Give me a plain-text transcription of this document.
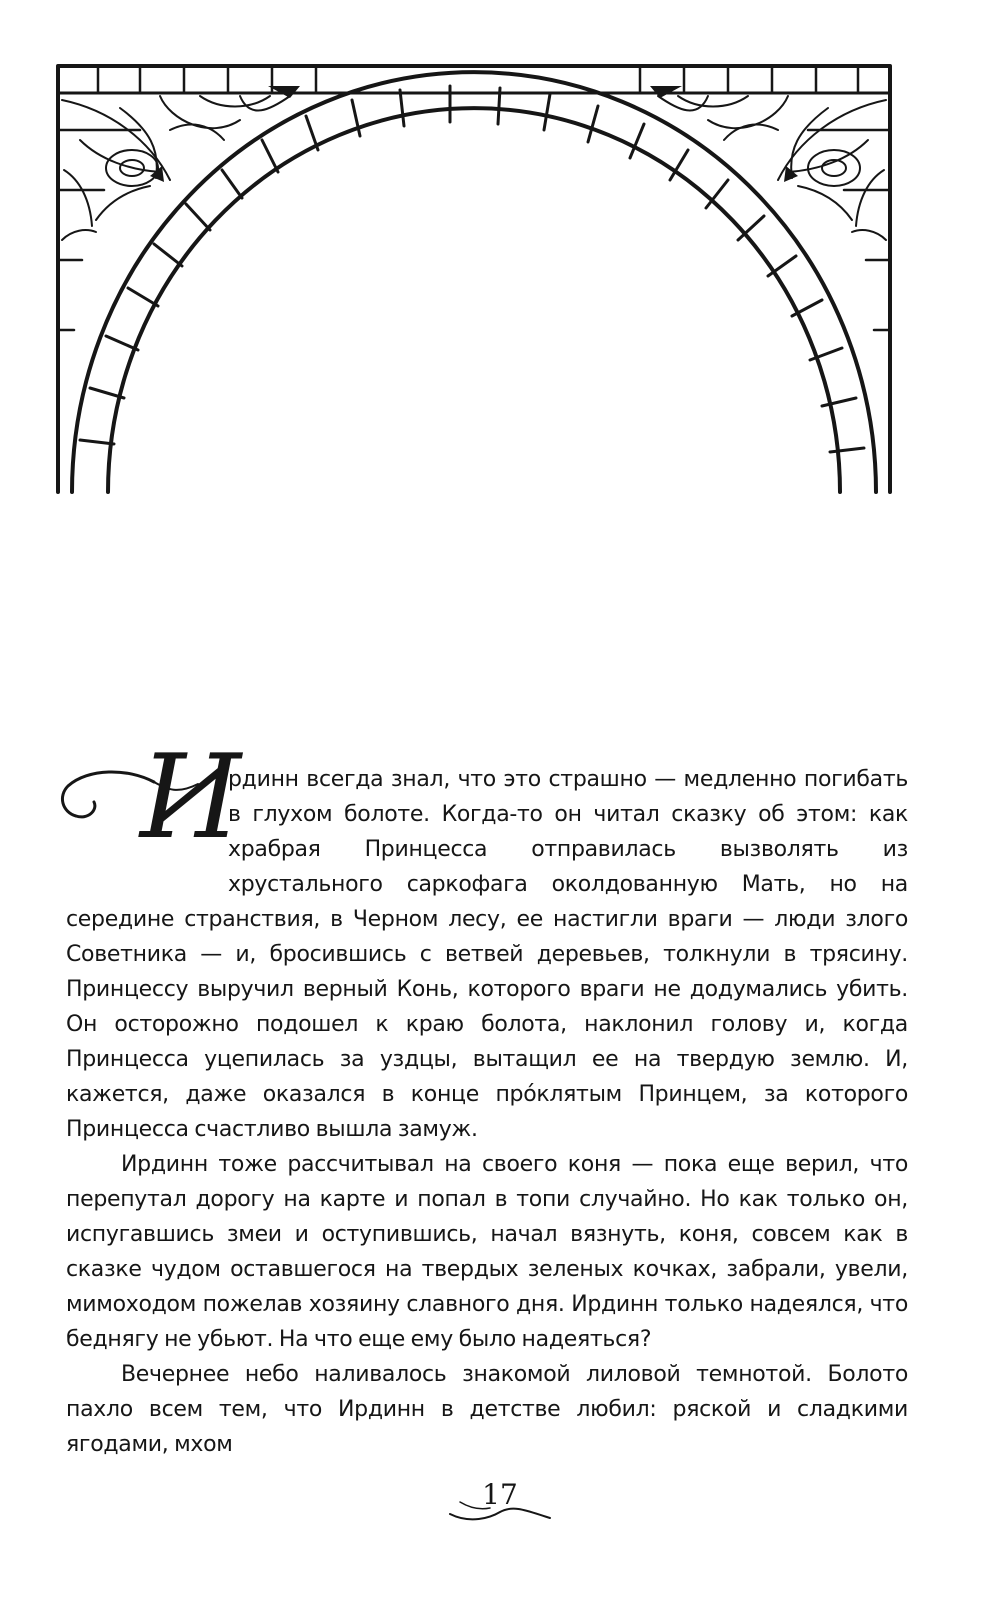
И

рдинн всегда знал, что это страшно — медленно погибать в глухом болоте. Когда-то он читал сказку об этом: как храбрая Принцесса отправилась вызволять из хрустального саркофага околдованную Мать, но на середине странствия, в Черном лесу, ее настигли враги — люди злого Советника — и, бросившись с ветвей деревьев, толкнули в трясину. Принцессу выручил верный Конь, которого враги не додумались убить. Он осторожно подошел к краю болота, наклонил голову и, когда Принцесса уцепилась за уздцы, вытащил ее на твердую землю. И, кажется, даже оказался в конце прóклятым Принцем, за которого Принцесса счастливо вышла замуж.

Ирдинн тоже рассчитывал на своего коня — пока еще верил, что перепутал дорогу на карте и попал в топи случайно. Но как только он, испугавшись змеи и оступившись, начал вязнуть, коня, совсем как в сказке чудом оставшегося на твердых зеленых кочках, забрали, увели, мимоходом пожелав хозяину славного дня. Ирдинн только надеялся, что беднягу не убьют. На что еще ему было надеяться?

Вечернее небо наливалось знакомой лиловой темнотой. Болото пахло всем тем, что Ирдинн в детстве любил: ряской и сладкими ягодами, мхом

17
